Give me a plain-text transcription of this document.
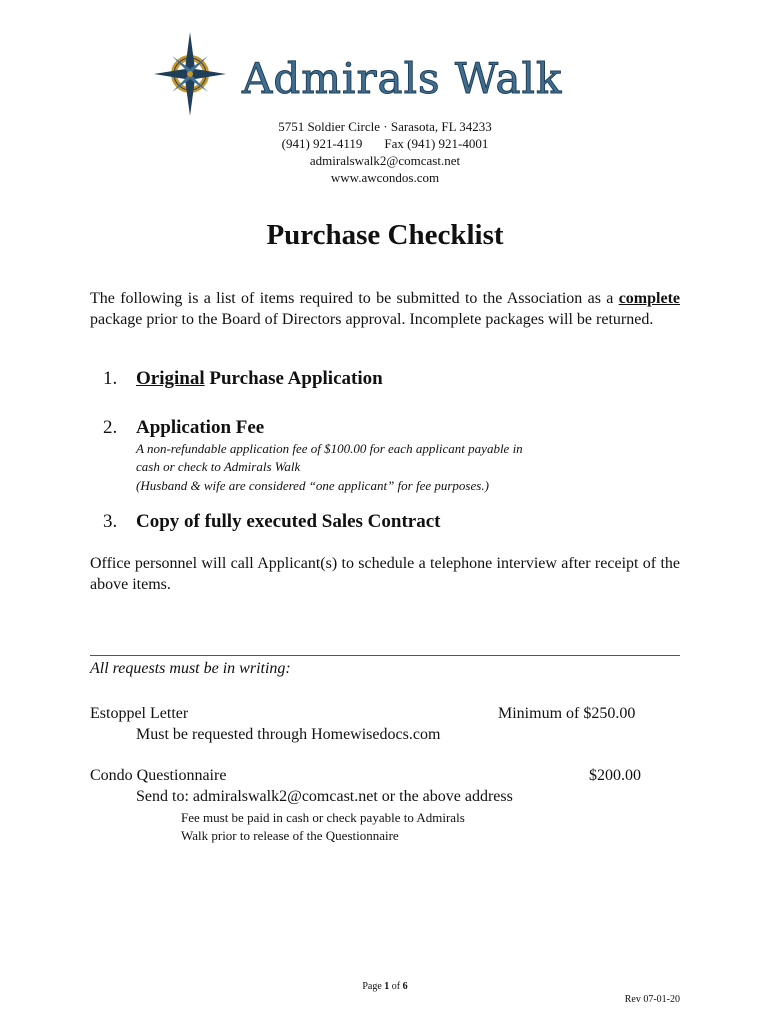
Admirals Walk
5751 Soldier Circle · Sarasota, FL 34233
(941) 921-4119 Fax (941) 921-4001
admiralswalk2@comcast.net
www.awcondos.com
Purchase Checklist
The following is a list of items required to be submitted to the Association as a complete package prior to the Board of Directors approval. Incomplete packages will be returned.
1. Original Purchase Application
2. Application Fee
A non-refundable application fee of $100.00 for each applicant payable in
cash or check to Admirals Walk
(Husband & wife are considered “one applicant” for fee purposes.)
3. Copy of fully executed Sales Contract
Office personnel will call Applicant(s) to schedule a telephone interview after receipt of the above items.
All requests must be in writing:
Estoppel Letter	Minimum of $250.00
Must be requested through Homewisedocs.com
Condo Questionnaire	$200.00
Send to: admiralswalk2@comcast.net or the above address
Fee must be paid in cash or check payable to Admirals
Walk prior to release of the Questionnaire
Page 1 of 6
Rev 07-01-20
